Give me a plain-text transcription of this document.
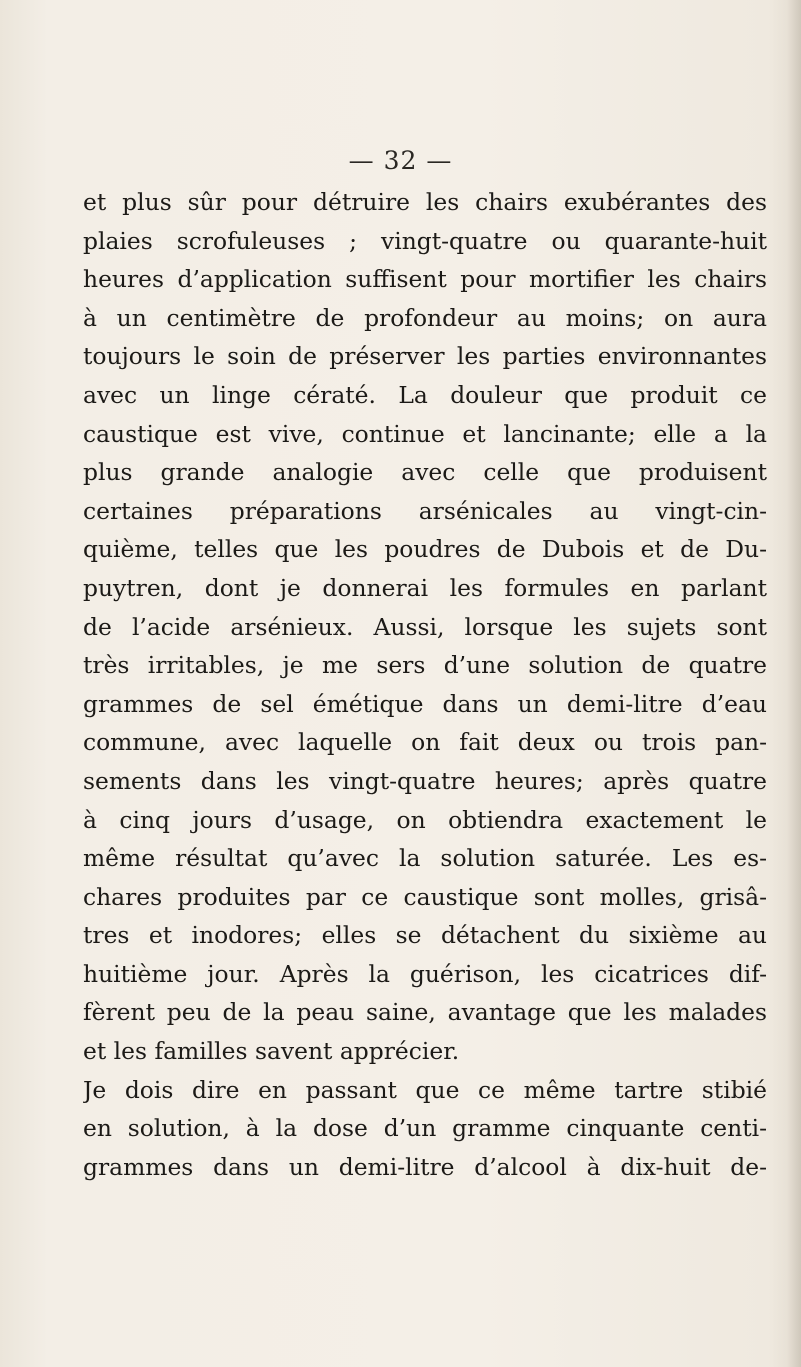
— 32 —
et plus sûr pour détruire les chairs exubérantes des
plaies scrofuleuses ; vingt-quatre ou quarante-huit
heures d’application suffisent pour mortifier les chairs
à un centimètre de profondeur au moins; on aura
toujours le soin de préserver les parties environnantes
avec un linge cératé. La douleur que produit ce
caustique est vive, continue et lancinante; elle a la
plus grande analogie avec celle que produisent
certaines préparations arsénicales au vingt-cin-
quième, telles que les poudres de Dubois et de Du-
puytren, dont je donnerai les formules en parlant
de l’acide arsénieux. Aussi, lorsque les sujets sont
très irritables, je me sers d’une solution de quatre
grammes de sel émétique dans un demi-litre d’eau
commune, avec laquelle on fait deux ou trois pan-
sements dans les vingt-quatre heures; après quatre
à cinq jours d’usage, on obtiendra exactement le
même résultat qu’avec la solution saturée. Les es-
chares produites par ce caustique sont molles, grisâ-
tres et inodores; elles se détachent du sixième au
huitième jour. Après la guérison, les cicatrices dif-
fèrent peu de la peau saine, avantage que les malades
et les familles savent apprécier.
Je dois dire en passant que ce même tartre stibié
en solution, à la dose d’un gramme cinquante centi-
grammes dans un demi-litre d’alcool à dix-huit de-
